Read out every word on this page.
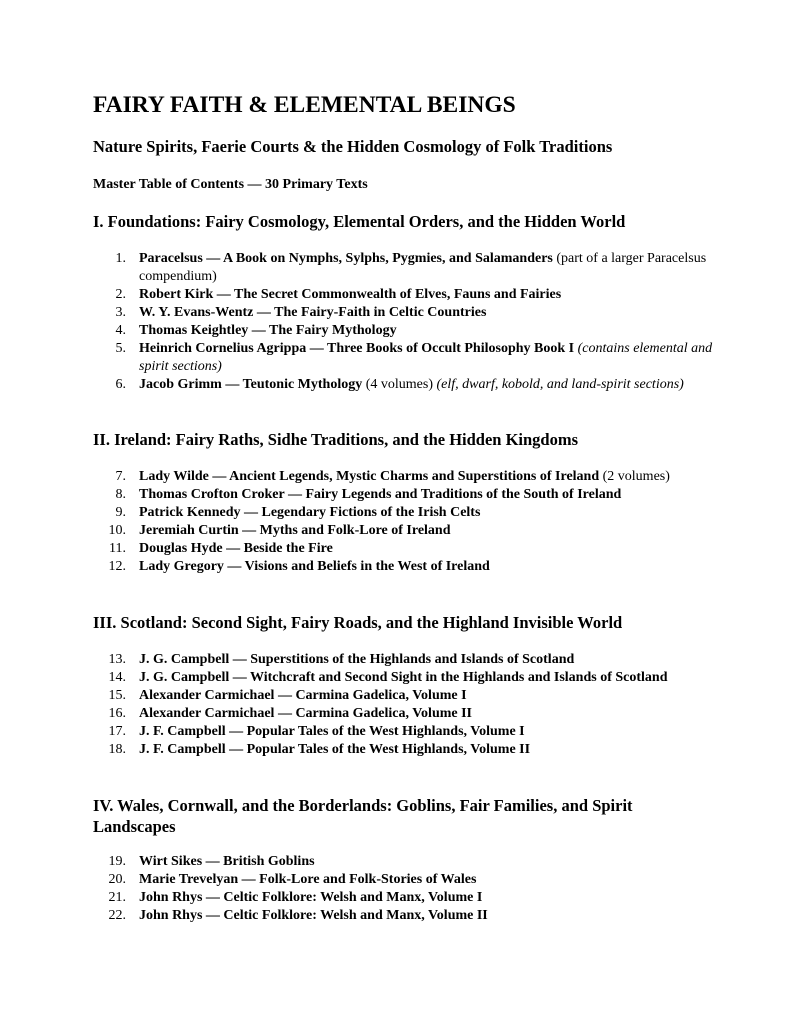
FAIRY FAITH & ELEMENTAL BEINGS
Nature Spirits, Faerie Courts & the Hidden Cosmology of Folk Traditions
Master Table of Contents — 30 Primary Texts
I. Foundations: Fairy Cosmology, Elemental Orders, and the Hidden World
1. Paracelsus — A Book on Nymphs, Sylphs, Pygmies, and Salamanders (part of a larger Paracelsus compendium)
2. Robert Kirk — The Secret Commonwealth of Elves, Fauns and Fairies
3. W. Y. Evans-Wentz — The Fairy-Faith in Celtic Countries
4. Thomas Keightley — The Fairy Mythology
5. Heinrich Cornelius Agrippa — Three Books of Occult Philosophy Book I (contains elemental and spirit sections)
6. Jacob Grimm — Teutonic Mythology (4 volumes) (elf, dwarf, kobold, and land-spirit sections)
II. Ireland: Fairy Raths, Sidhe Traditions, and the Hidden Kingdoms
7. Lady Wilde — Ancient Legends, Mystic Charms and Superstitions of Ireland (2 volumes)
8. Thomas Crofton Croker — Fairy Legends and Traditions of the South of Ireland
9. Patrick Kennedy — Legendary Fictions of the Irish Celts
10. Jeremiah Curtin — Myths and Folk-Lore of Ireland
11. Douglas Hyde — Beside the Fire
12. Lady Gregory — Visions and Beliefs in the West of Ireland
III. Scotland: Second Sight, Fairy Roads, and the Highland Invisible World
13. J. G. Campbell — Superstitions of the Highlands and Islands of Scotland
14. J. G. Campbell — Witchcraft and Second Sight in the Highlands and Islands of Scotland
15. Alexander Carmichael — Carmina Gadelica, Volume I
16. Alexander Carmichael — Carmina Gadelica, Volume II
17. J. F. Campbell — Popular Tales of the West Highlands, Volume I
18. J. F. Campbell — Popular Tales of the West Highlands, Volume II
IV. Wales, Cornwall, and the Borderlands: Goblins, Fair Families, and Spirit Landscapes
19. Wirt Sikes — British Goblins
20. Marie Trevelyan — Folk-Lore and Folk-Stories of Wales
21. John Rhys — Celtic Folklore: Welsh and Manx, Volume I
22. John Rhys — Celtic Folklore: Welsh and Manx, Volume II
